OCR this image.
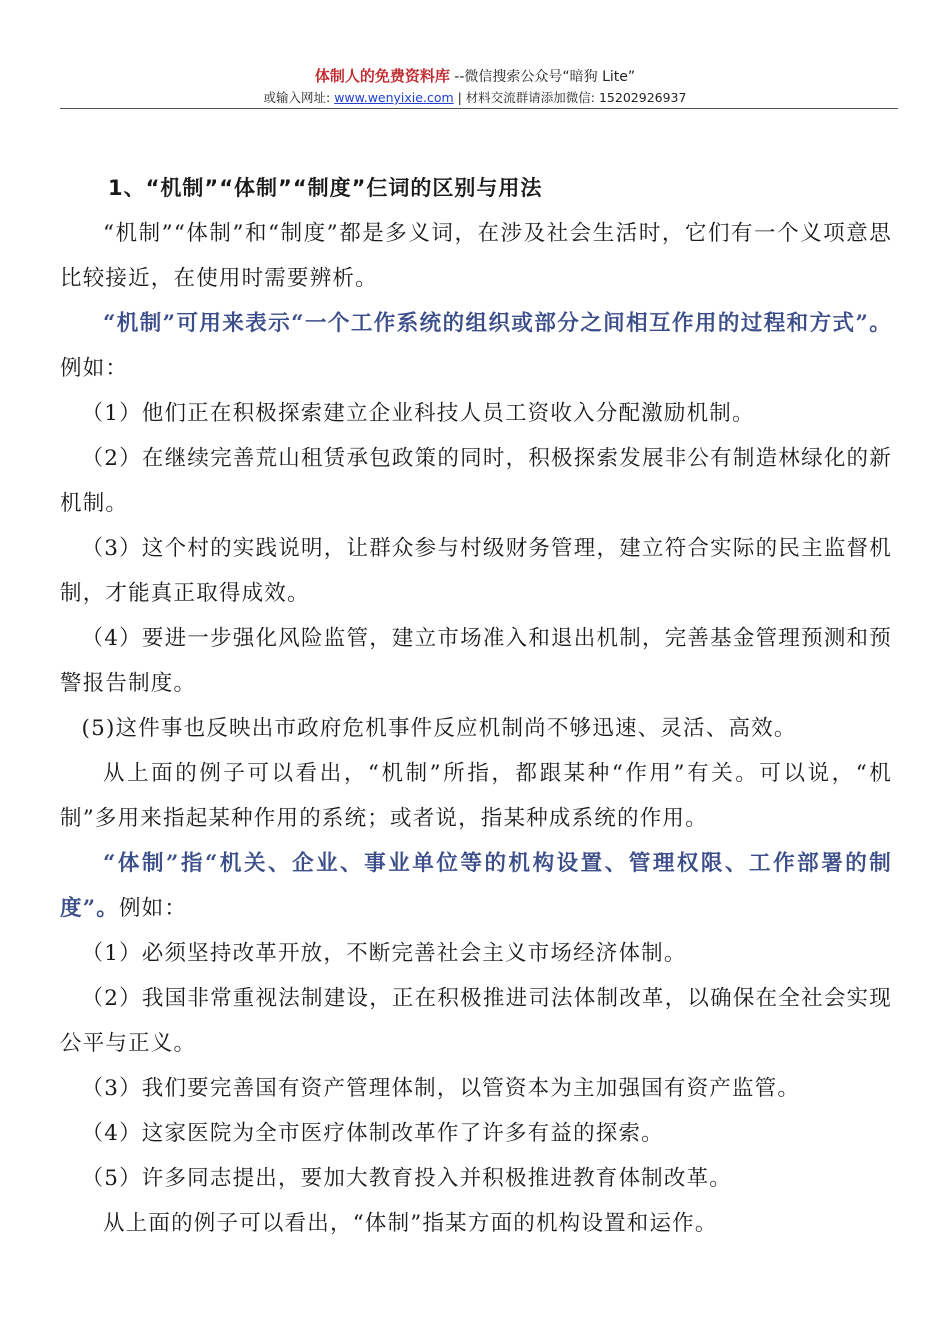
体制人的免费资料库 --微信搜索公众号“暗狗 Lite”
或输入网址: www.wenyixie.com | 材料交流群请添加微信: 15202926937

1、“机制”“体制”“制度”仨词的区别与用法

“机制”“体制”和“制度”都是多义词，在涉及社会生活时，它们有一个义项意思比较接近，在使用时需要辨析。

“机制”可用来表示“一个工作系统的组织或部分之间相互作用的过程和方式”。例如：

（1）他们正在积极探索建立企业科技人员工资收入分配激励机制。

（2）在继续完善荒山租赁承包政策的同时，积极探索发展非公有制造林绿化的新机制。

（3）这个村的实践说明，让群众参与村级财务管理，建立符合实际的民主监督机制，才能真正取得成效。

（4）要进一步强化风险监管，建立市场准入和退出机制，完善基金管理预测和预警报告制度。

(5)这件事也反映出市政府危机事件反应机制尚不够迅速、灵活、高效。

从上面的例子可以看出，“机制”所指，都跟某种“作用”有关。可以说，“机制”多用来指起某种作用的系统；或者说，指某种成系统的作用。

“体制”指“机关、企业、事业单位等的机构设置、管理权限、工作部署的制度”。例如：

（1）必须坚持改革开放，不断完善社会主义市场经济体制。

（2）我国非常重视法制建设，正在积极推进司法体制改革，以确保在全社会实现公平与正义。

（3）我们要完善国有资产管理体制，以管资本为主加强国有资产监管。

（4）这家医院为全市医疗体制改革作了许多有益的探索。

（5）许多同志提出，要加大教育投入并积极推进教育体制改革。

从上面的例子可以看出，“体制”指某方面的机构设置和运作。
